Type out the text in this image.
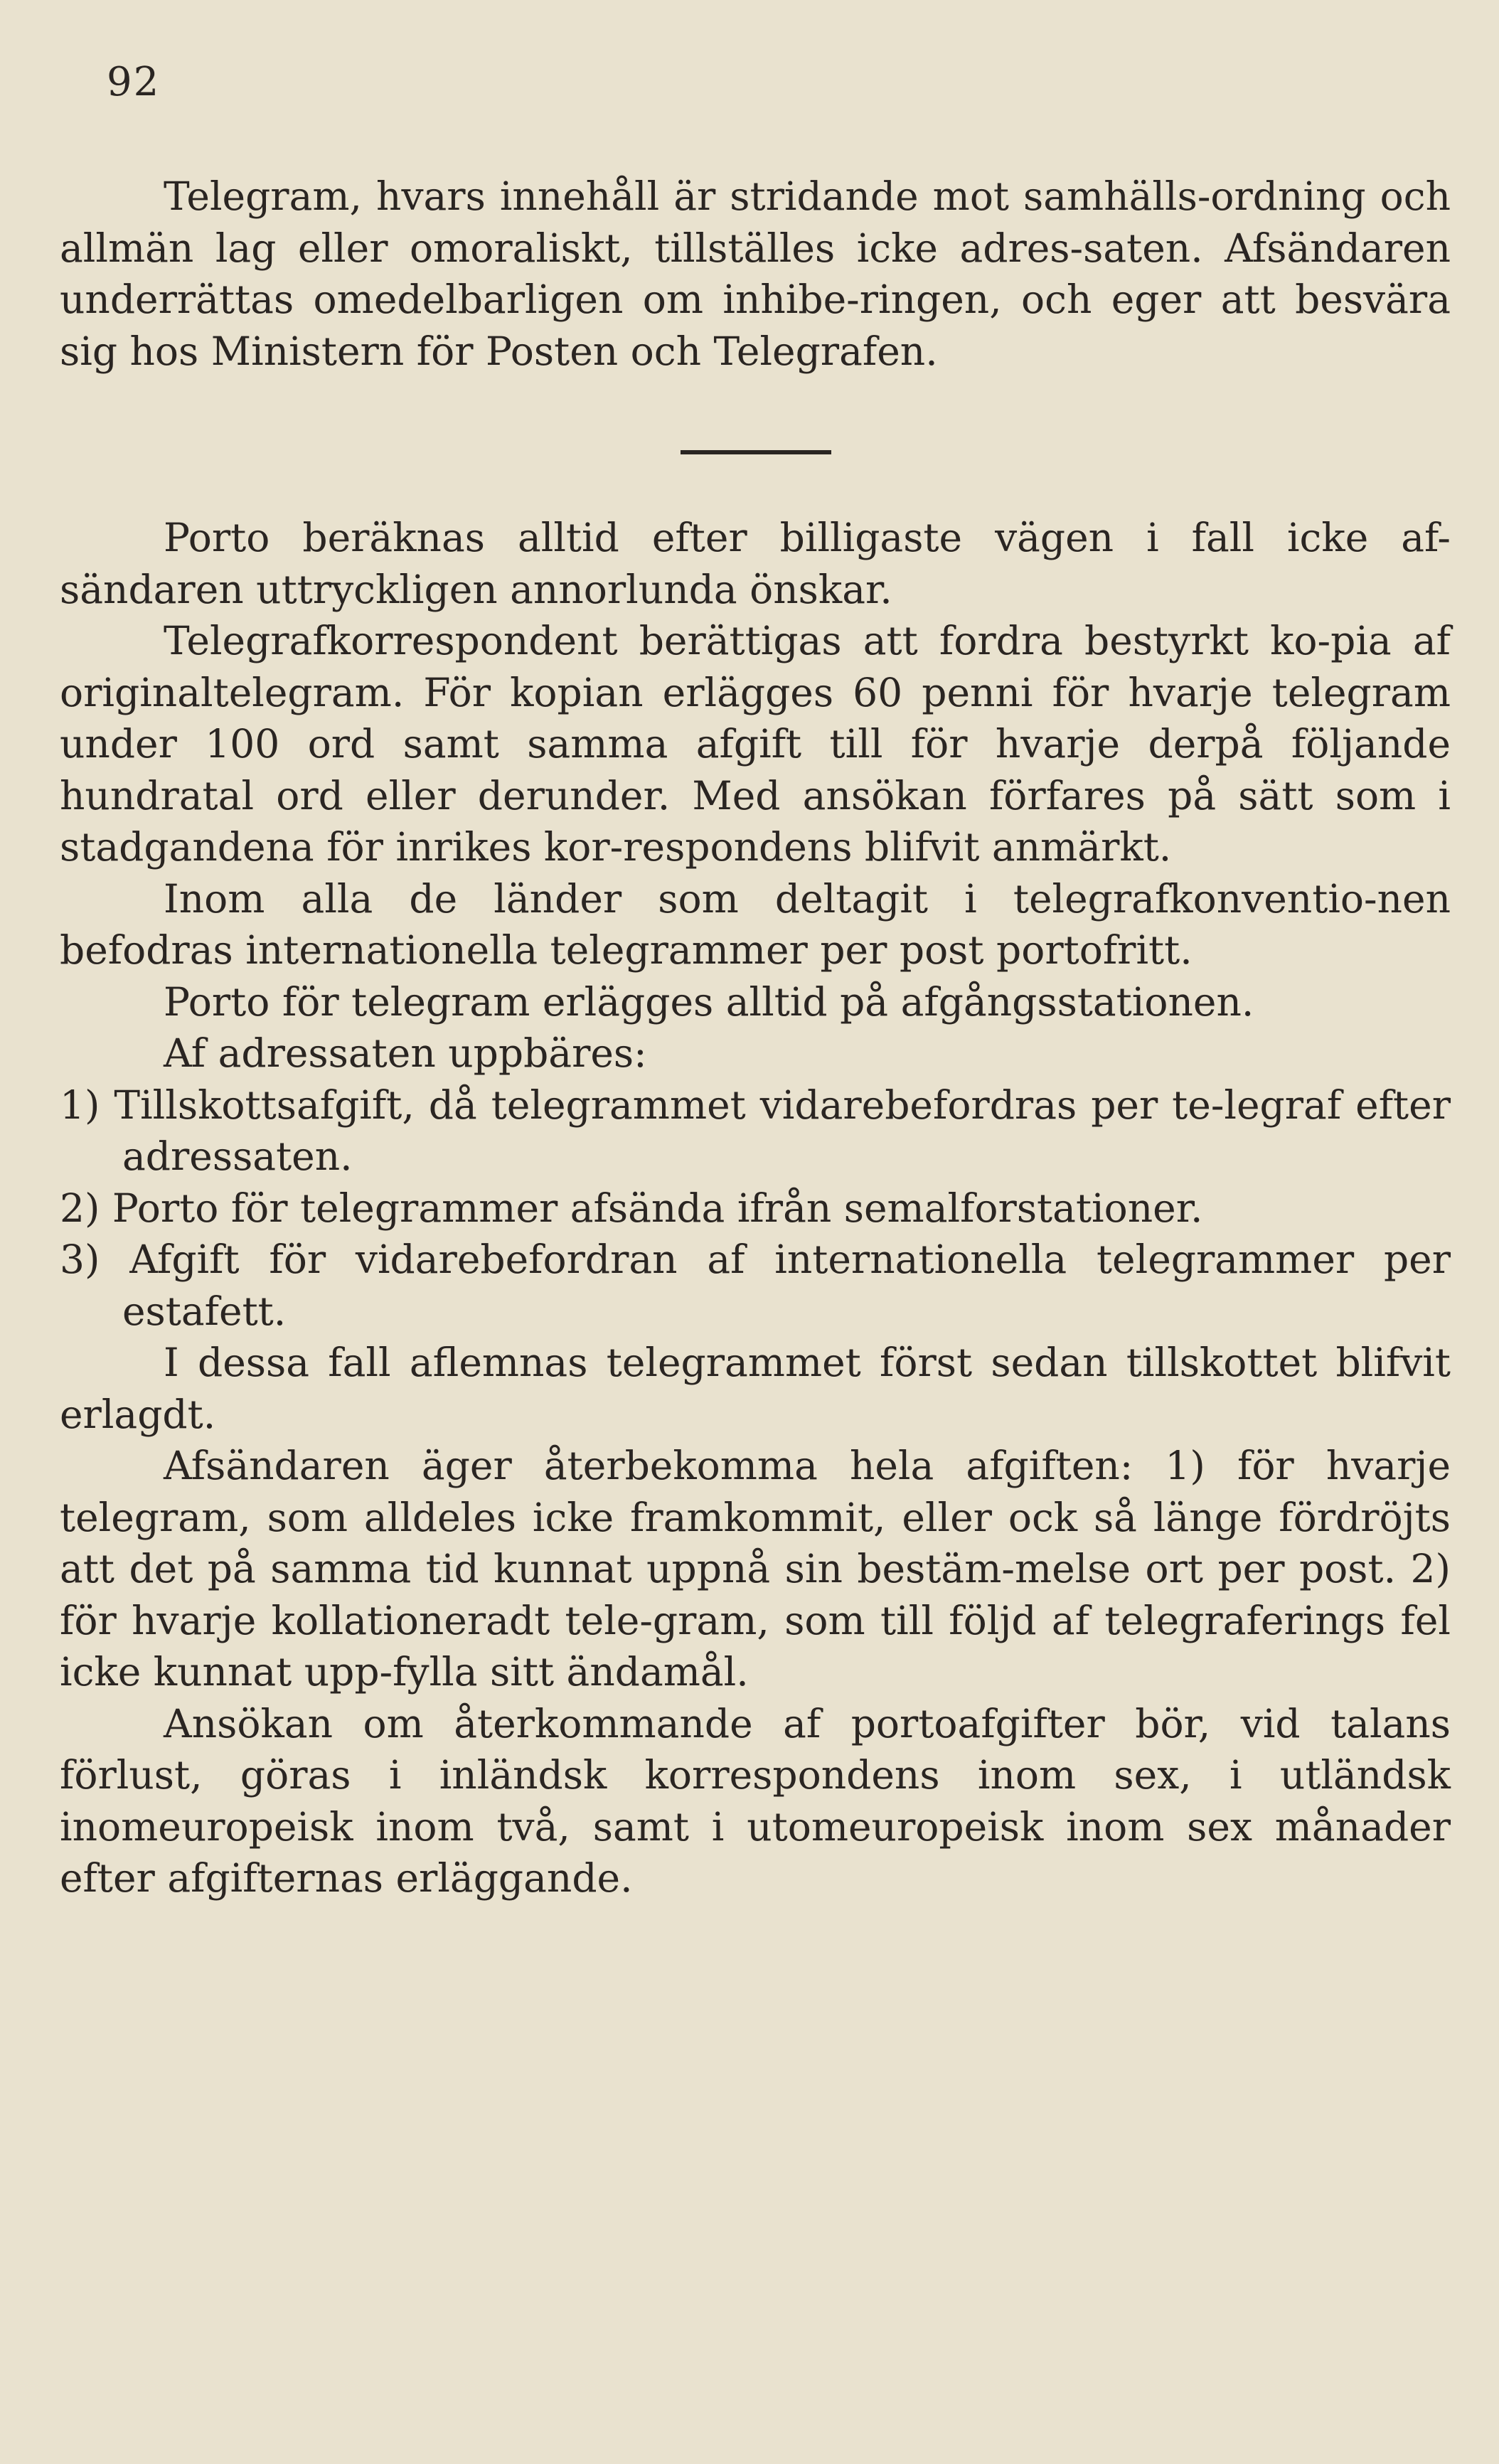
92

Telegram, hvars innehåll är stridande mot samhälls-ordning och allmän lag eller omoraliskt, tillställes icke adres-saten. Afsändaren underrättas omedelbarligen om inhibe-ringen, och eger att besvära sig hos Ministern för Posten och Telegrafen.

Porto beräknas alltid efter billigaste vägen i fall icke af-sändaren uttryckligen annorlunda önskar.

Telegrafkorrespondent berättigas att fordra bestyrkt ko-pia af originaltelegram. För kopian erlägges 60 penni för hvarje telegram under 100 ord samt samma afgift till för hvarje derpå följande hundratal ord eller derunder. Med ansökan förfares på sätt som i stadgandena för inrikes kor-respondens blifvit anmärkt.

Inom alla de länder som deltagit i telegrafkonventio-nen befodras internationella telegrammer per post portofritt.

Porto för telegram erlägges alltid på afgångsstationen.

Af adressaten uppbäres:

1) Tillskottsafgift, då telegrammet vidarebefordras per te-legraf efter adressaten.

2) Porto för telegrammer afsända ifrån semalforstationer.

3) Afgift för vidarebefordran af internationella telegrammer per estafett.

I dessa fall aflemnas telegrammet först sedan tillskottet blifvit erlagdt.

Afsändaren äger återbekomma hela afgiften: 1) för hvarje telegram, som alldeles icke framkommit, eller ock så länge fördröjts att det på samma tid kunnat uppnå sin bestäm-melse ort per post. 2) för hvarje kollationeradt tele-gram, som till följd af telegraferings fel icke kunnat upp-fylla sitt ändamål.

Ansökan om återkommande af portoafgifter bör, vid talans förlust, göras i inländsk korrespondens inom sex, i utländsk inomeuropeisk inom två, samt i utomeuropeisk inom sex månader efter afgifternas erläggande.
